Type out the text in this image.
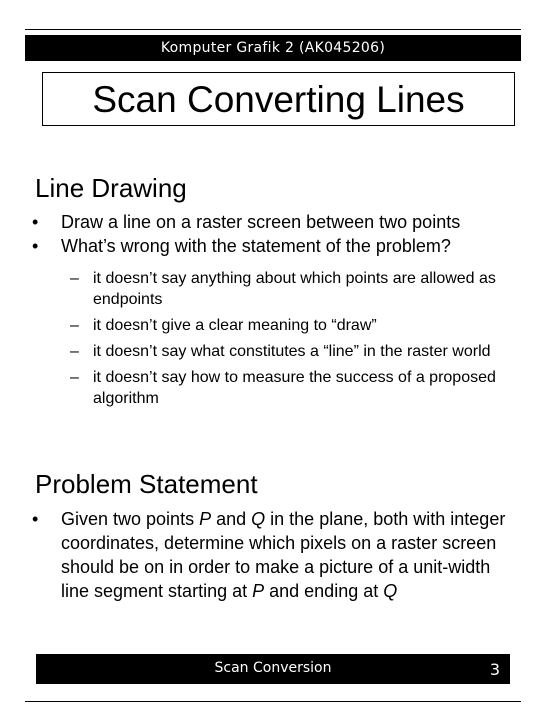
Komputer Grafik 2 (AK045206)
Scan Converting Lines
Line Drawing
• Draw a line on a raster screen between two points
• What’s wrong with the statement of the problem?
– it doesn’t say anything about which points are allowed as endpoints
– it doesn’t give a clear meaning to “draw”
– it doesn’t say what constitutes a “line” in the raster world
– it doesn’t say how to measure the success of a proposed algorithm
Problem Statement
• Given two points P and Q in the plane, both with integer coordinates, determine which pixels on a raster screen should be on in order to make a picture of a unit-width line segment starting at P and ending at Q
Scan Conversion	3
